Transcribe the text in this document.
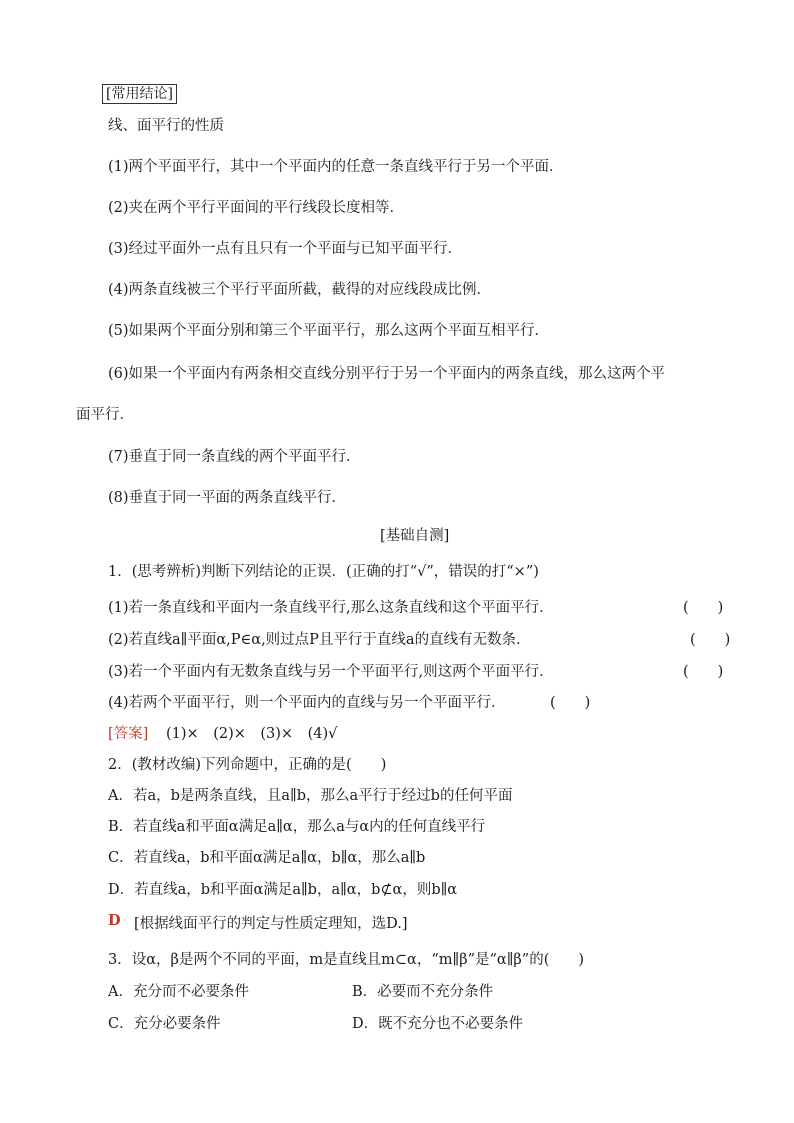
[常用结论]
线、面平行的性质
(1)两个平面平行，其中一个平面内的任意一条直线平行于另一个平面．
(2)夹在两个平行平面间的平行线段长度相等．
(3)经过平面外一点有且只有一个平面与已知平面平行．
(4)两条直线被三个平行平面所截，截得的对应线段成比例．
(5)如果两个平面分别和第三个平面平行，那么这两个平面互相平行．
(6)如果一个平面内有两条相交直线分别平行于另一个平面内的两条直线，那么这两个平
面平行．
(7)垂直于同一条直线的两个平面平行．
(8)垂直于同一平面的两条直线平行．
[基础自测]
1．(思考辨析)判断下列结论的正误．(正确的打“√”，错误的打“×”)
(1)若一条直线和平面内一条直线平行,那么这条直线和这个平面平行．	(　　)
(2)若直线a∥平面α,P∈α,则过点P且平行于直线a的直线有无数条．	(　　)
(3)若一个平面内有无数条直线与另一个平面平行,则这两个平面平行．	(　　)
(4)若两个平面平行，则一个平面内的直线与另一个平面平行．	(　　)
[答案] (1)×　(2)×　(3)×　(4)√
2．(教材改编)下列命题中，正确的是(　　)
A．若a，b是两条直线，且a∥b，那么a平行于经过b的任何平面
B．若直线a和平面α满足a∥α，那么a与α内的任何直线平行
C．若直线a，b和平面α满足a∥α，b∥α，那么a∥b
D．若直线a，b和平面α满足a∥b，a∥α，b⊄α，则b∥α
D [根据线面平行的判定与性质定理知，选D.]
3．设α，β是两个不同的平面，m是直线且m⊂α，“m∥β”是“α∥β”的(　　)
A．充分而不必要条件	B．必要而不充分条件
C．充分必要条件	D．既不充分也不必要条件
